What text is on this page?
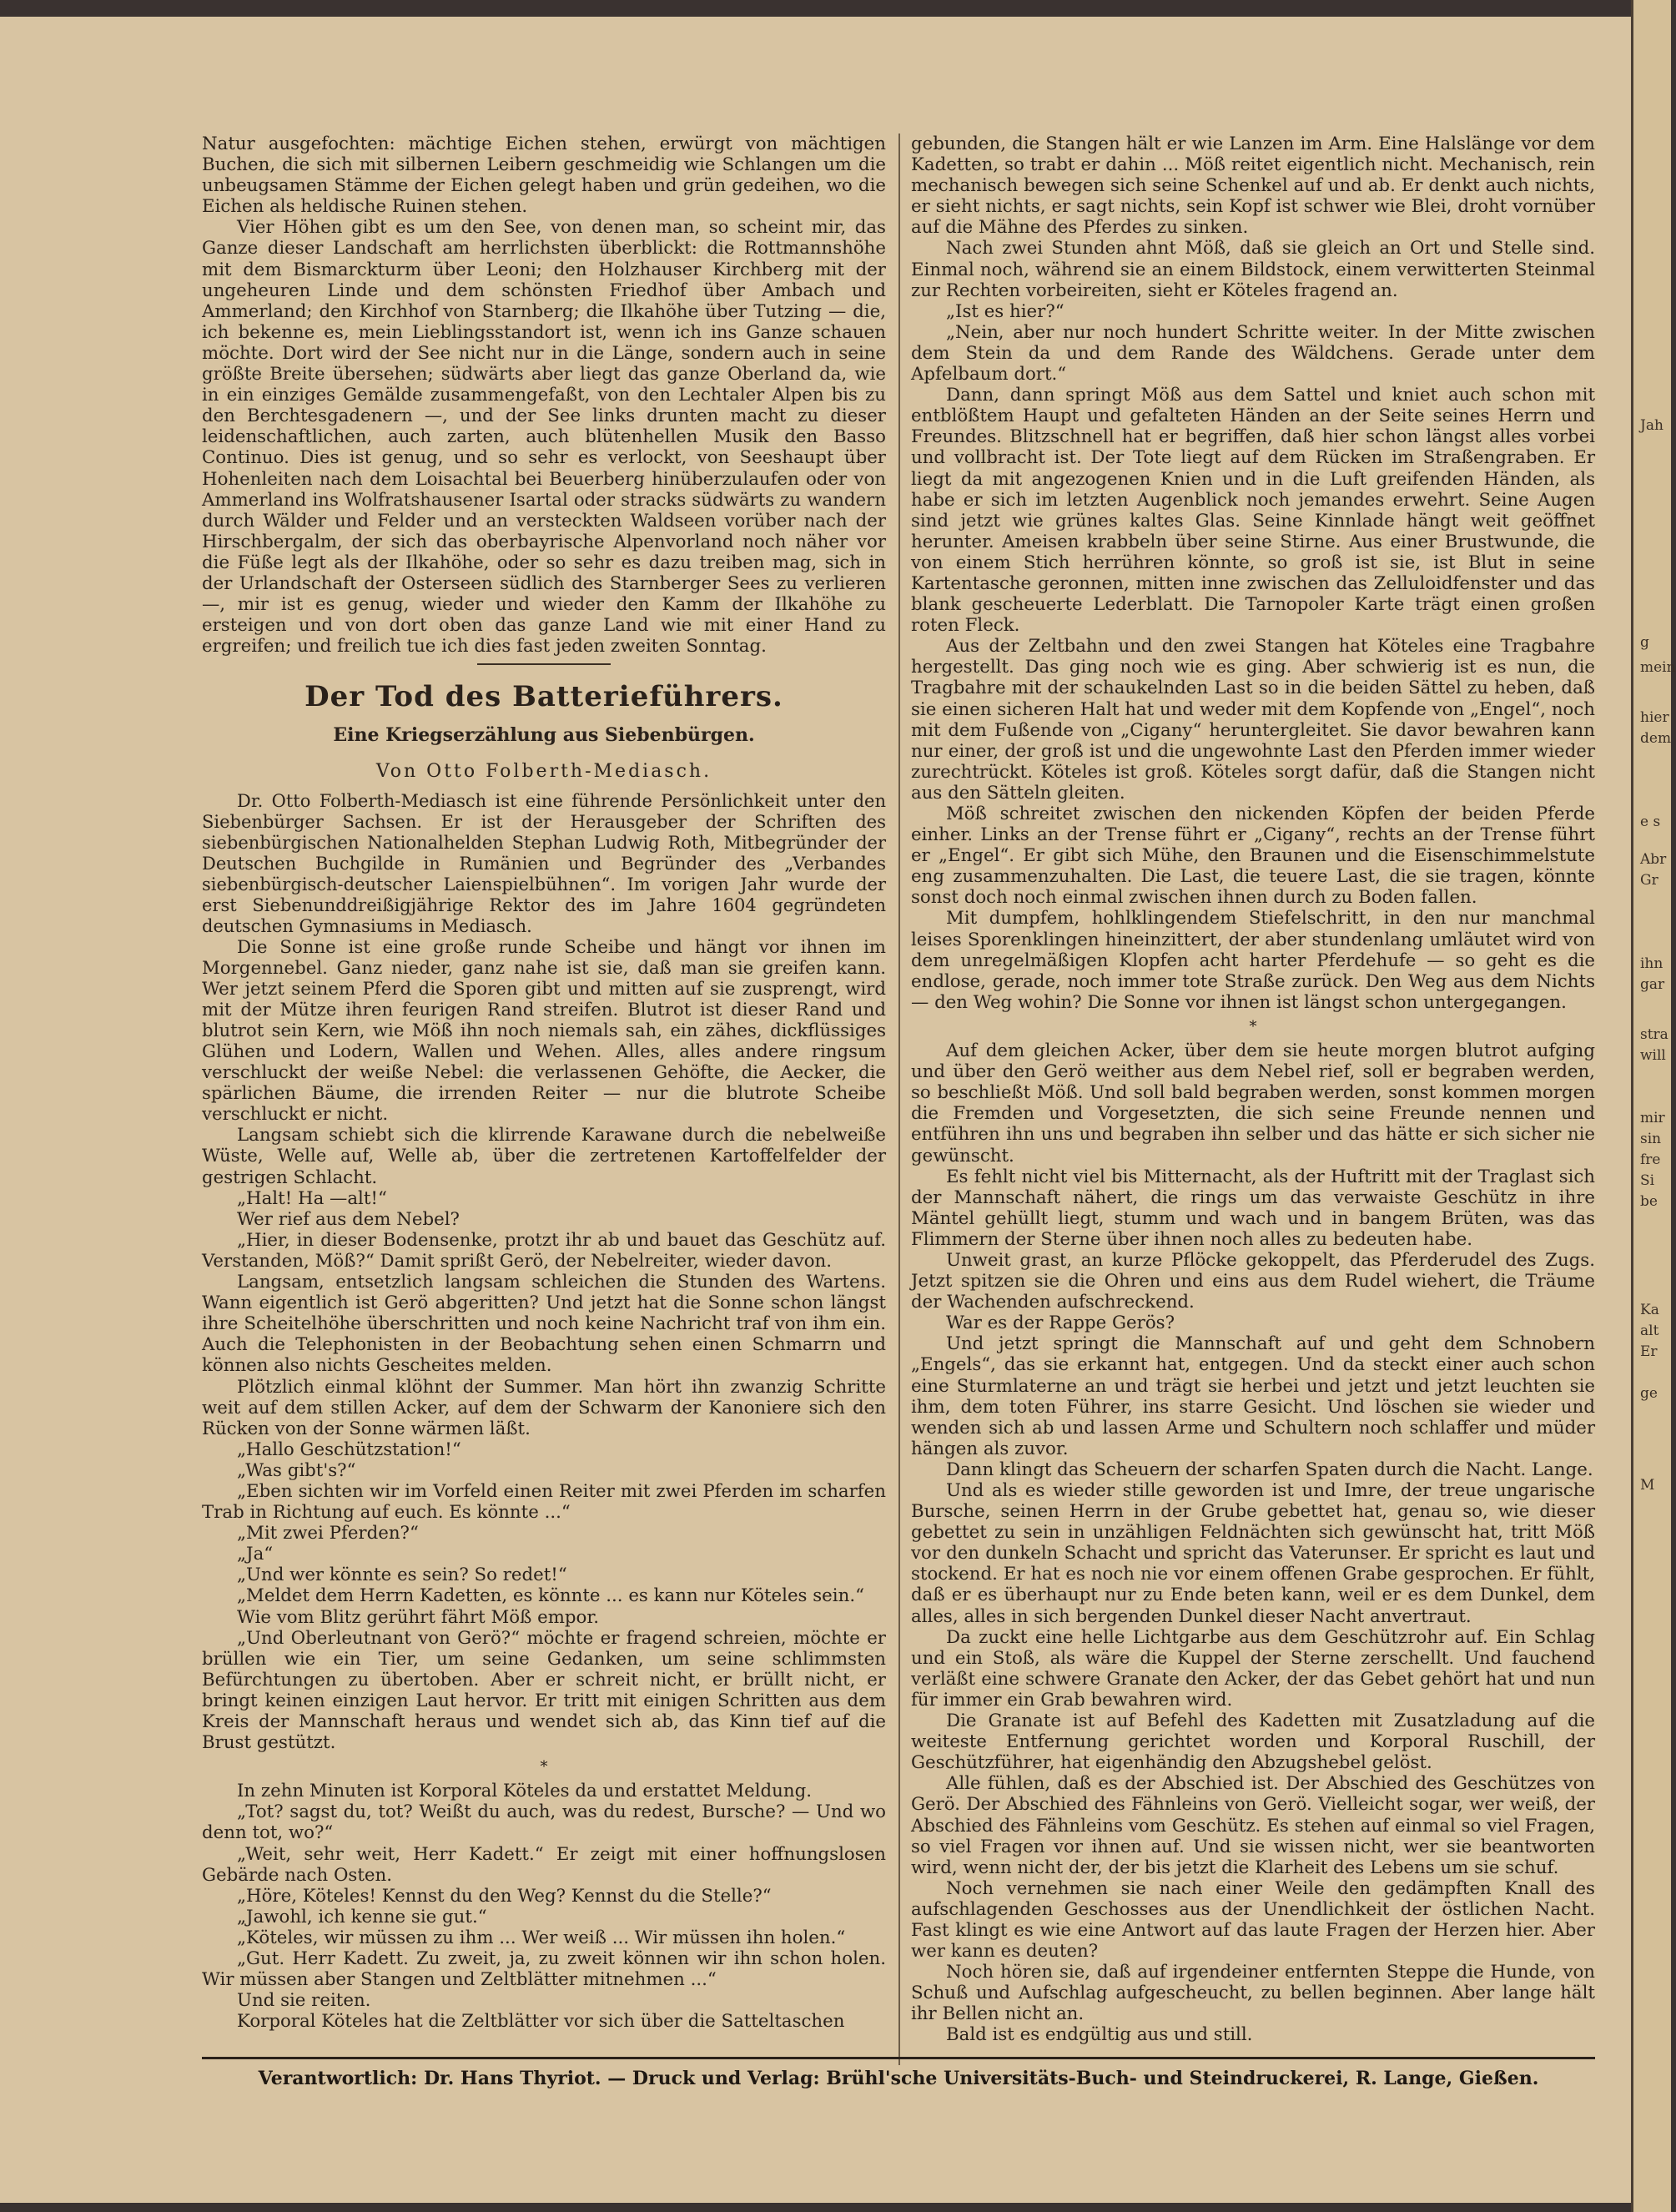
Natur ausgefochten: mächtige Eichen stehen, erwürgt von mächtigen Buchen, die sich mit silbernen Leibern geschmeidig wie Schlangen um die unbeugsamen Stämme der Eichen gelegt haben und grün gedeihen, wo die Eichen als heldische Ruinen stehen.

Vier Höhen gibt es um den See, von denen man, so scheint mir, das Ganze dieser Landschaft am herrlichsten überblickt: die Rottmannshöhe mit dem Bismarckturm über Leoni; den Holzhauser Kirchberg mit der ungeheuren Linde und dem schönsten Friedhof über Ambach und Ammerland; den Kirchhof von Starnberg; die Ilkahöhe über Tutzing — die, ich bekenne es, mein Lieblingsstandort ist, wenn ich ins Ganze schauen möchte. Dort wird der See nicht nur in die Länge, sondern auch in seine größte Breite übersehen; südwärts aber liegt das ganze Oberland da, wie in ein einziges Gemälde zusammengefaßt, von den Lechtaler Alpen bis zu den Berchtesgadenern —, und der See links drunten macht zu dieser leidenschaftlichen, auch zarten, auch blütenhellen Musik den Basso Continuo. Dies ist genug, und so sehr es verlockt, von Seeshaupt über Hohenleiten nach dem Loisachtal bei Beuerberg hinüberzulaufen oder von Ammerland ins Wolfratshausener Isartal oder stracks südwärts zu wandern durch Wälder und Felder und an versteckten Waldseen vorüber nach der Hirschbergalm, der sich das oberbayrische Alpenvorland noch näher vor die Füße legt als der Ilkahöhe, oder so sehr es dazu treiben mag, sich in der Urlandschaft der Osterseen südlich des Starnberger Sees zu verlieren —, mir ist es genug, wieder und wieder den Kamm der Ilkahöhe zu ersteigen und von dort oben das ganze Land wie mit einer Hand zu ergreifen; und freilich tue ich dies fast jeden zweiten Sonntag.

Der Tod des Batterieführers.
Eine Kriegserzählung aus Siebenbürgen.
Von Otto Folberth-Mediasch.

Dr. Otto Folberth-Mediasch ist eine führende Persönlichkeit unter den Siebenbürger Sachsen. Er ist der Herausgeber der Schriften des siebenbürgischen Nationalhelden Stephan Ludwig Roth, Mitbegründer der Deutschen Buchgilde in Rumänien und Begründer des „Verbandes siebenbürgisch-deutscher Laienspielbühnen“. Im vorigen Jahr wurde der erst Siebenunddreißigjährige Rektor des im Jahre 1604 gegründeten deutschen Gymnasiums in Mediasch.

Die Sonne ist eine große runde Scheibe und hängt vor ihnen im Morgennebel. Ganz nieder, ganz nahe ist sie, daß man sie greifen kann. Wer jetzt seinem Pferd die Sporen gibt und mitten auf sie zusprengt, wird mit der Mütze ihren feurigen Rand streifen. Blutrot ist dieser Rand und blutrot sein Kern, wie Möß ihn noch niemals sah, ein zähes, dickflüssiges Glühen und Lodern, Wallen und Wehen. Alles, alles andere ringsum verschluckt der weiße Nebel: die verlassenen Gehöfte, die Aecker, die spärlichen Bäume, die irrenden Reiter — nur die blutrote Scheibe verschluckt er nicht.

Langsam schiebt sich die klirrende Karawane durch die nebelweiße Wüste, Welle auf, Welle ab, über die zertretenen Kartoffelfelder der gestrigen Schlacht.

„Halt! Ha —alt!“

Wer rief aus dem Nebel?

„Hier, in dieser Bodensenke, protzt ihr ab und bauet das Geschütz auf. Verstanden, Möß?“ Damit sprißt Gerö, der Nebelreiter, wieder davon.

Langsam, entsetzlich langsam schleichen die Stunden des Wartens. Wann eigentlich ist Gerö abgeritten? Und jetzt hat die Sonne schon längst ihre Scheitelhöhe überschritten und noch keine Nachricht traf von ihm ein. Auch die Telephonisten in der Beobachtung sehen einen Schmarrn und können also nichts Gescheites melden.

Plötzlich einmal klöhnt der Summer. Man hört ihn zwanzig Schritte weit auf dem stillen Acker, auf dem der Schwarm der Kanoniere sich den Rücken von der Sonne wärmen läßt.

„Hallo Geschützstation!“

„Was gibt's?“

„Eben sichten wir im Vorfeld einen Reiter mit zwei Pferden im scharfen Trab in Richtung auf euch. Es könnte ...“

„Mit zwei Pferden?“

„Ja“

„Und wer könnte es sein? So redet!“

„Meldet dem Herrn Kadetten, es könnte ... es kann nur Köteles sein.“

Wie vom Blitz gerührt fährt Möß empor.

„Und Oberleutnant von Gerö?“ möchte er fragend schreien, möchte er brüllen wie ein Tier, um seine Gedanken, um seine schlimmsten Befürchtungen zu übertoben. Aber er schreit nicht, er brüllt nicht, er bringt keinen einzigen Laut hervor. Er tritt mit einigen Schritten aus dem Kreis der Mannschaft heraus und wendet sich ab, das Kinn tief auf die Brust gestützt.

*

In zehn Minuten ist Korporal Köteles da und erstattet Meldung.

„Tot? sagst du, tot? Weißt du auch, was du redest, Bursche? — Und wo denn tot, wo?“

„Weit, sehr weit, Herr Kadett.“ Er zeigt mit einer hoffnungslosen Gebärde nach Osten.

„Höre, Köteles! Kennst du den Weg? Kennst du die Stelle?“

„Jawohl, ich kenne sie gut.“

„Köteles, wir müssen zu ihm ... Wer weiß ... Wir müssen ihn holen.“

„Gut. Herr Kadett. Zu zweit, ja, zu zweit können wir ihn schon holen. Wir müssen aber Stangen und Zeltblätter mitnehmen ...“

Und sie reiten.

Korporal Köteles hat die Zeltblätter vor sich über die Satteltaschen

gebunden, die Stangen hält er wie Lanzen im Arm. Eine Halslänge vor dem Kadetten, so trabt er dahin ... Möß reitet eigentlich nicht. Mechanisch, rein mechanisch bewegen sich seine Schenkel auf und ab. Er denkt auch nichts, er sieht nichts, er sagt nichts, sein Kopf ist schwer wie Blei, droht vornüber auf die Mähne des Pferdes zu sinken.

Nach zwei Stunden ahnt Möß, daß sie gleich an Ort und Stelle sind. Einmal noch, während sie an einem Bildstock, einem verwitterten Steinmal zur Rechten vorbeireiten, sieht er Köteles fragend an.

„Ist es hier?“

„Nein, aber nur noch hundert Schritte weiter. In der Mitte zwischen dem Stein da und dem Rande des Wäldchens. Gerade unter dem Apfelbaum dort.“

Dann, dann springt Möß aus dem Sattel und kniet auch schon mit entblößtem Haupt und gefalteten Händen an der Seite seines Herrn und Freundes. Blitzschnell hat er begriffen, daß hier schon längst alles vorbei und vollbracht ist. Der Tote liegt auf dem Rücken im Straßengraben. Er liegt da mit angezogenen Knien und in die Luft greifenden Händen, als habe er sich im letzten Augenblick noch jemandes erwehrt. Seine Augen sind jetzt wie grünes kaltes Glas. Seine Kinnlade hängt weit geöffnet herunter. Ameisen krabbeln über seine Stirne. Aus einer Brustwunde, die von einem Stich herrühren könnte, so groß ist sie, ist Blut in seine Kartentasche geronnen, mitten inne zwischen das Zelluloidfenster und das blank gescheuerte Lederblatt. Die Tarnopoler Karte trägt einen großen roten Fleck.

Aus der Zeltbahn und den zwei Stangen hat Köteles eine Tragbahre hergestellt. Das ging noch wie es ging. Aber schwierig ist es nun, die Tragbahre mit der schaukelnden Last so in die beiden Sättel zu heben, daß sie einen sicheren Halt hat und weder mit dem Kopfende von „Engel“, noch mit dem Fußende von „Cigany“ heruntergleitet. Sie davor bewahren kann nur einer, der groß ist und die ungewohnte Last den Pferden immer wieder zurechtrückt. Köteles ist groß. Köteles sorgt dafür, daß die Stangen nicht aus den Sätteln gleiten.

Möß schreitet zwischen den nickenden Köpfen der beiden Pferde einher. Links an der Trense führt er „Cigany“, rechts an der Trense führt er „Engel“. Er gibt sich Mühe, den Braunen und die Eisenschimmelstute eng zusammenzuhalten. Die Last, die teuere Last, die sie tragen, könnte sonst doch noch einmal zwischen ihnen durch zu Boden fallen.

Mit dumpfem, hohlklingendem Stiefelschritt, in den nur manchmal leises Sporenklingen hineinzittert, der aber stundenlang umläutet wird von dem unregelmäßigen Klopfen acht harter Pferdehufe — so geht es die endlose, gerade, noch immer tote Straße zurück. Den Weg aus dem Nichts — den Weg wohin? Die Sonne vor ihnen ist längst schon untergegangen.

*

Auf dem gleichen Acker, über dem sie heute morgen blutrot aufging und über den Gerö weither aus dem Nebel rief, soll er begraben werden, so beschließt Möß. Und soll bald begraben werden, sonst kommen morgen die Fremden und Vorgesetzten, die sich seine Freunde nennen und entführen ihn uns und begraben ihn selber und das hätte er sich sicher nie gewünscht.

Es fehlt nicht viel bis Mitternacht, als der Huftritt mit der Traglast sich der Mannschaft nähert, die rings um das verwaiste Geschütz in ihre Mäntel gehüllt liegt, stumm und wach und in bangem Brüten, was das Flimmern der Sterne über ihnen noch alles zu bedeuten habe.

Unweit grast, an kurze Pflöcke gekoppelt, das Pferderudel des Zugs. Jetzt spitzen sie die Ohren und eins aus dem Rudel wiehert, die Träume der Wachenden aufschreckend.

War es der Rappe Gerös?

Und jetzt springt die Mannschaft auf und geht dem Schnobern „Engels“, das sie erkannt hat, entgegen. Und da steckt einer auch schon eine Sturmlaterne an und trägt sie herbei und jetzt und jetzt leuchten sie ihm, dem toten Führer, ins starre Gesicht. Und löschen sie wieder und wenden sich ab und lassen Arme und Schultern noch schlaffer und müder hängen als zuvor.

Dann klingt das Scheuern der scharfen Spaten durch die Nacht. Lange.

Und als es wieder stille geworden ist und Imre, der treue ungarische Bursche, seinen Herrn in der Grube gebettet hat, genau so, wie dieser gebettet zu sein in unzähligen Feldnächten sich gewünscht hat, tritt Möß vor den dunkeln Schacht und spricht das Vaterunser. Er spricht es laut und stockend. Er hat es noch nie vor einem offenen Grabe gesprochen. Er fühlt, daß er es überhaupt nur zu Ende beten kann, weil er es dem Dunkel, dem alles, alles in sich bergenden Dunkel dieser Nacht anvertraut.

Da zuckt eine helle Lichtgarbe aus dem Geschützrohr auf. Ein Schlag und ein Stoß, als wäre die Kuppel der Sterne zerschellt. Und fauchend verläßt eine schwere Granate den Acker, der das Gebet gehört hat und nun für immer ein Grab bewahren wird.

Die Granate ist auf Befehl des Kadetten mit Zusatzladung auf die weiteste Entfernung gerichtet worden und Korporal Ruschill, der Geschützführer, hat eigenhändig den Abzugshebel gelöst.

Alle fühlen, daß es der Abschied ist. Der Abschied des Geschützes von Gerö. Der Abschied des Fähnleins von Gerö. Vielleicht sogar, wer weiß, der Abschied des Fähnleins vom Geschütz. Es stehen auf einmal so viel Fragen, so viel Fragen vor ihnen auf. Und sie wissen nicht, wer sie beantworten wird, wenn nicht der, der bis jetzt die Klarheit des Lebens um sie schuf.

Noch vernehmen sie nach einer Weile den gedämpften Knall des aufschlagenden Geschosses aus der Unendlichkeit der östlichen Nacht. Fast klingt es wie eine Antwort auf das laute Fragen der Herzen hier. Aber wer kann es deuten?

Noch hören sie, daß auf irgendeiner entfernten Steppe die Hunde, von Schuß und Aufschlag aufgescheucht, zu bellen beginnen. Aber lange hält ihr Bellen nicht an.

Bald ist es endgültig aus und still.

Verantwortlich: Dr. Hans Thyriot. — Druck und Verlag: Brühl'sche Universitäts-Buch- und Steindruckerei, R. Lange, Gießen.
Jah
g
mein
hier
dem
e s
Abr
Gr
ihn
gar
stra
will
mir
sin
fre
Si
be
Ka
alt
Er
ge
M
